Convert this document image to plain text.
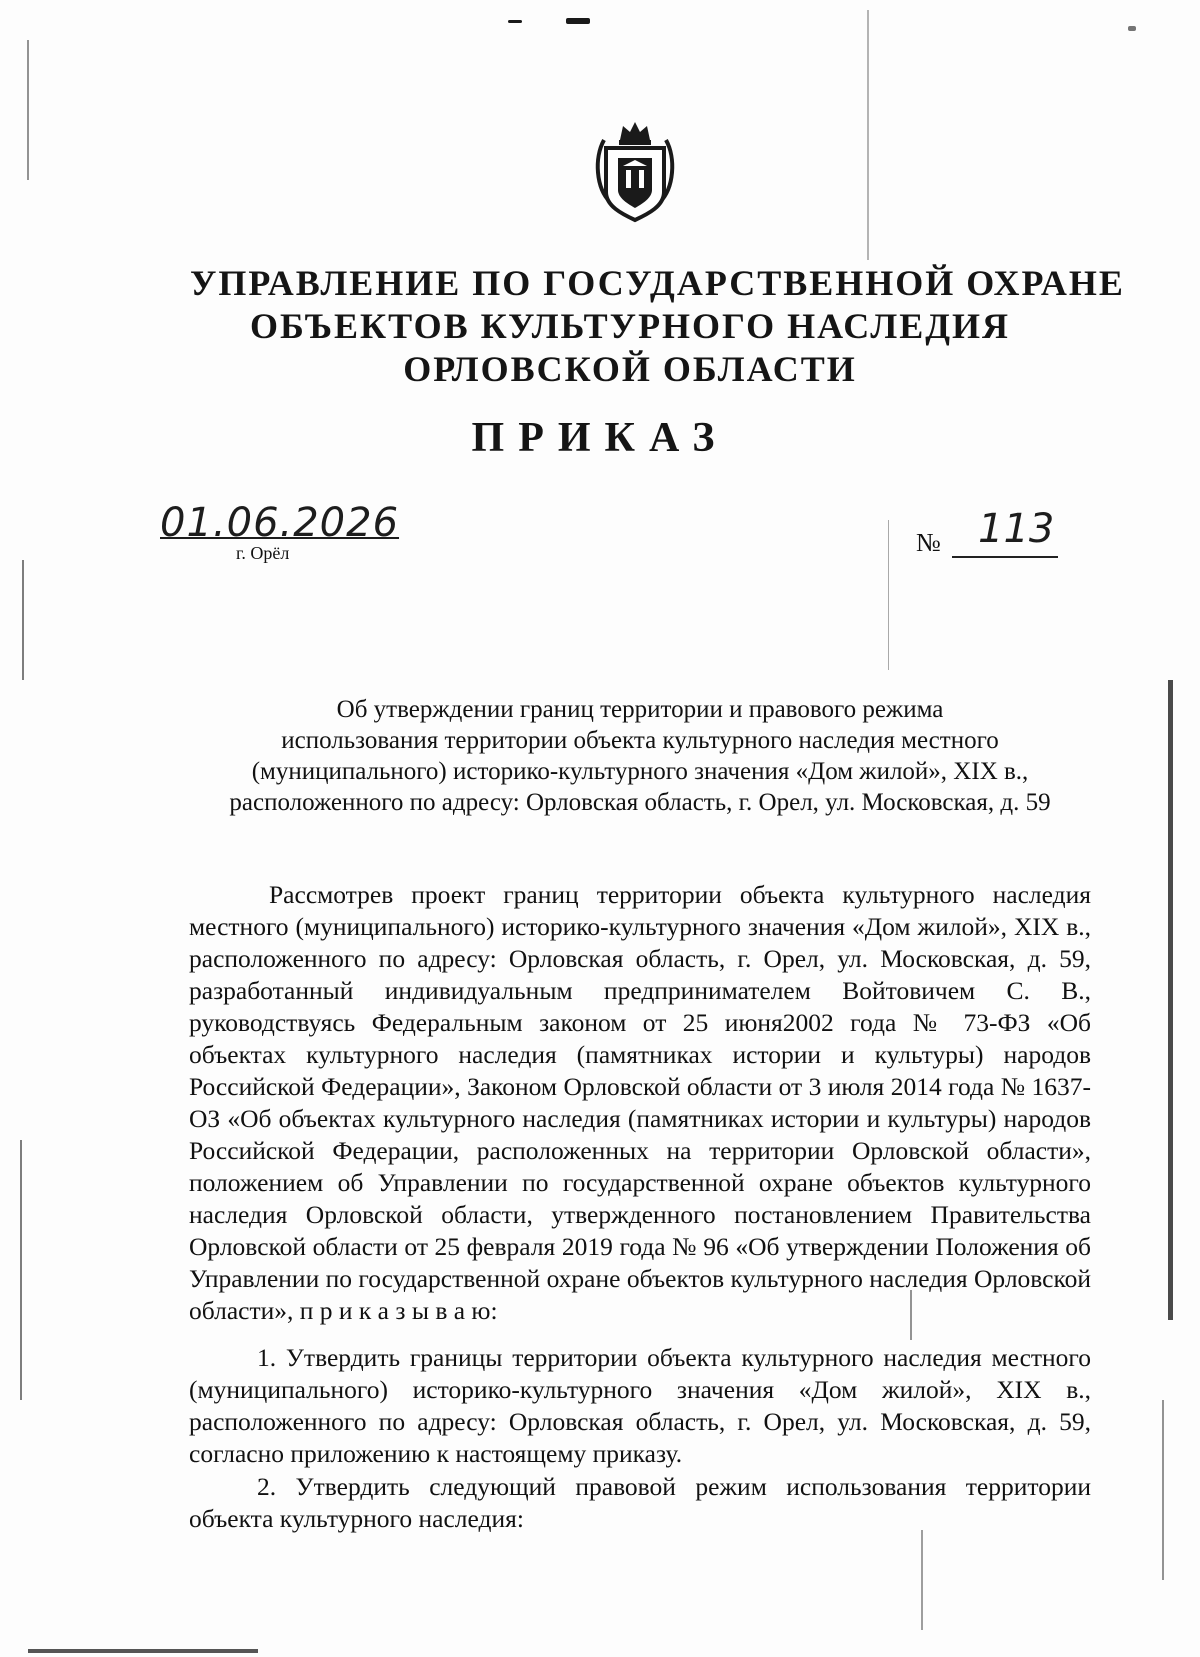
УПРАВЛЕНИЕ ПО ГОСУДАРСТВЕННОЙ ОХРАНЕ
ОБЪЕКТОВ КУЛЬТУРНОГО НАСЛЕДИЯ
ОРЛОВСКОЙ ОБЛАСТИ
ПРИКАЗ
01.06.2026
г. Орёл	№ 113
Об утверждении границ территории и правового режима
использования территории объекта культурного наследия местного
(муниципального) историко-культурного значения «Дом жилой», XIX в.,
расположенного по адресу: Орловская область, г. Орел, ул. Московская, д. 59
Рассмотрев проект границ территории объекта культурного наследия местного (муниципального) историко-культурного значения «Дом жилой», XIX в., расположенного по адресу: Орловская область, г. Орел, ул. Московская, д. 59, разработанный индивидуальным предпринимателем Войтовичем С. В., руководствуясь Федеральным законом от 25 июня2002 года № 73-ФЗ «Об объектах культурного наследия (памятниках истории и культуры) народов Российской Федерации», Законом Орловской области от 3 июля 2014 года № 1637-ОЗ «Об объектах культурного наследия (памятниках истории и культуры) народов Российской Федерации, расположенных на территории Орловской области», положением об Управлении по государственной охране объектов культурного наследия Орловской области, утвержденного постановлением Правительства Орловской области от 25 февраля 2019 года № 96 «Об утверждении Положения об Управлении по государственной охране объектов культурного наследия Орловской области», п р и к а з ы в а ю:
1. Утвердить границы территории объекта культурного наследия местного (муниципального) историко-культурного значения «Дом жилой», XIX в., расположенного по адресу: Орловская область, г. Орел, ул. Московская, д. 59, согласно приложению к настоящему приказу.
2. Утвердить следующий правовой режим использования территории объекта культурного наследия:
